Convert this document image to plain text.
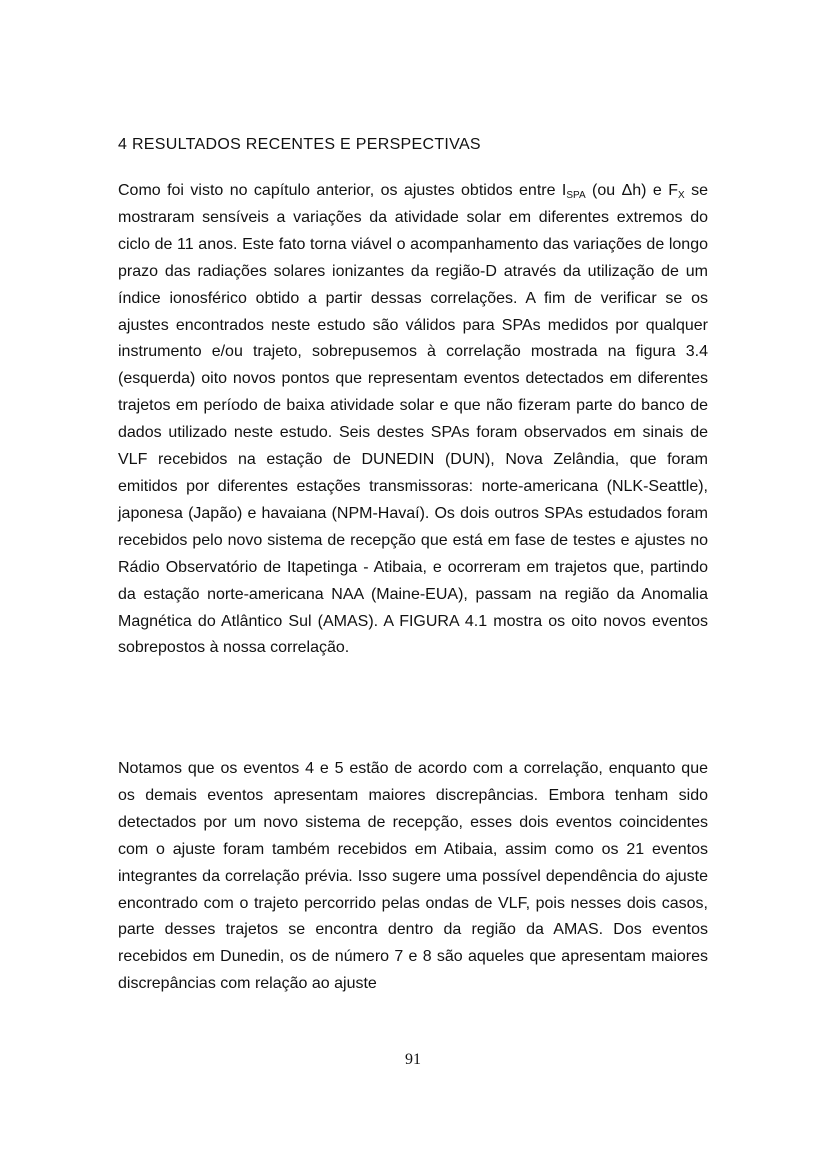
4 RESULTADOS RECENTES E PERSPECTIVAS

Como foi visto no capítulo anterior, os ajustes obtidos entre $I_{SPA}$ (ou Δh) e $F_X$ se mostraram sensíveis a variações da atividade solar em diferentes extremos do ciclo de 11 anos. Este fato torna viável o acompanhamento das variações de longo prazo das radiações solares ionizantes da região-D através da utilização de um índice ionosférico obtido a partir dessas correlações. A fim de verificar se os ajustes encontrados neste estudo são válidos para SPAs medidos por qualquer instrumento e/ou trajeto, sobrepusemos à correlação mostrada na figura 3.4 (esquerda) oito novos pontos que representam eventos detectados em diferentes trajetos em período de baixa atividade solar e que não fizeram parte do banco de dados utilizado neste estudo. Seis destes SPAs foram observados em sinais de VLF recebidos na estação de DUNEDIN (DUN), Nova Zelândia, que foram emitidos por diferentes estações transmissoras: norte-americana (NLK-Seattle), japonesa (Japão) e havaiana (NPM-Havaí). Os dois outros SPAs estudados foram recebidos pelo novo sistema de recepção que está em fase de testes e ajustes no Rádio Observatório de Itapetinga - Atibaia, e ocorreram em trajetos que, partindo da estação norte-americana NAA (Maine-EUA), passam na região da Anomalia Magnética do Atlântico Sul (AMAS). A FIGURA 4.1 mostra os oito novos eventos sobrepostos à nossa correlação.

Notamos que os eventos 4 e 5 estão de acordo com a correlação, enquanto que os demais eventos apresentam maiores discrepâncias. Embora tenham sido detectados por um novo sistema de recepção, esses dois eventos coincidentes com o ajuste foram também recebidos em Atibaia, assim como os 21 eventos integrantes da correlação prévia. Isso sugere uma possível dependência do ajuste encontrado com o trajeto percorrido pelas ondas de VLF, pois nesses dois casos, parte desses trajetos se encontra dentro da região da AMAS. Dos eventos recebidos em Dunedin, os de número 7 e 8 são aqueles que apresentam maiores discrepâncias com relação ao ajuste

91
